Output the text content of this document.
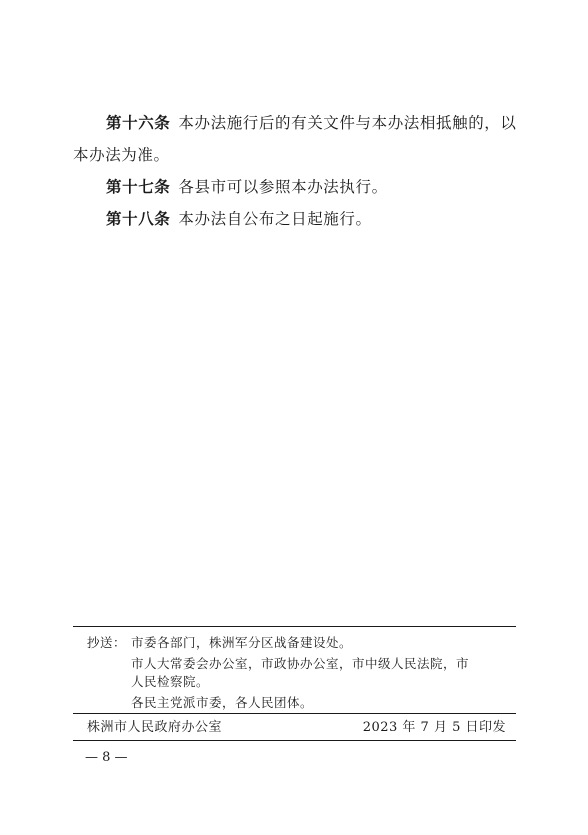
第十六条 本办法施行后的有关文件与本办法相抵触的，以
本办法为准。
第十七条 各县市可以参照本办法执行。
第十八条 本办法自公布之日起施行。
抄送： 市委各部门，株洲军分区战备建设处。
市人大常委会办公室，市政协办公室，市中级人民法院，市
人民检察院。
各民主党派市委，各人民团体。
株洲市人民政府办公室	2023 年 7 月 5 日印发
— 8 —
